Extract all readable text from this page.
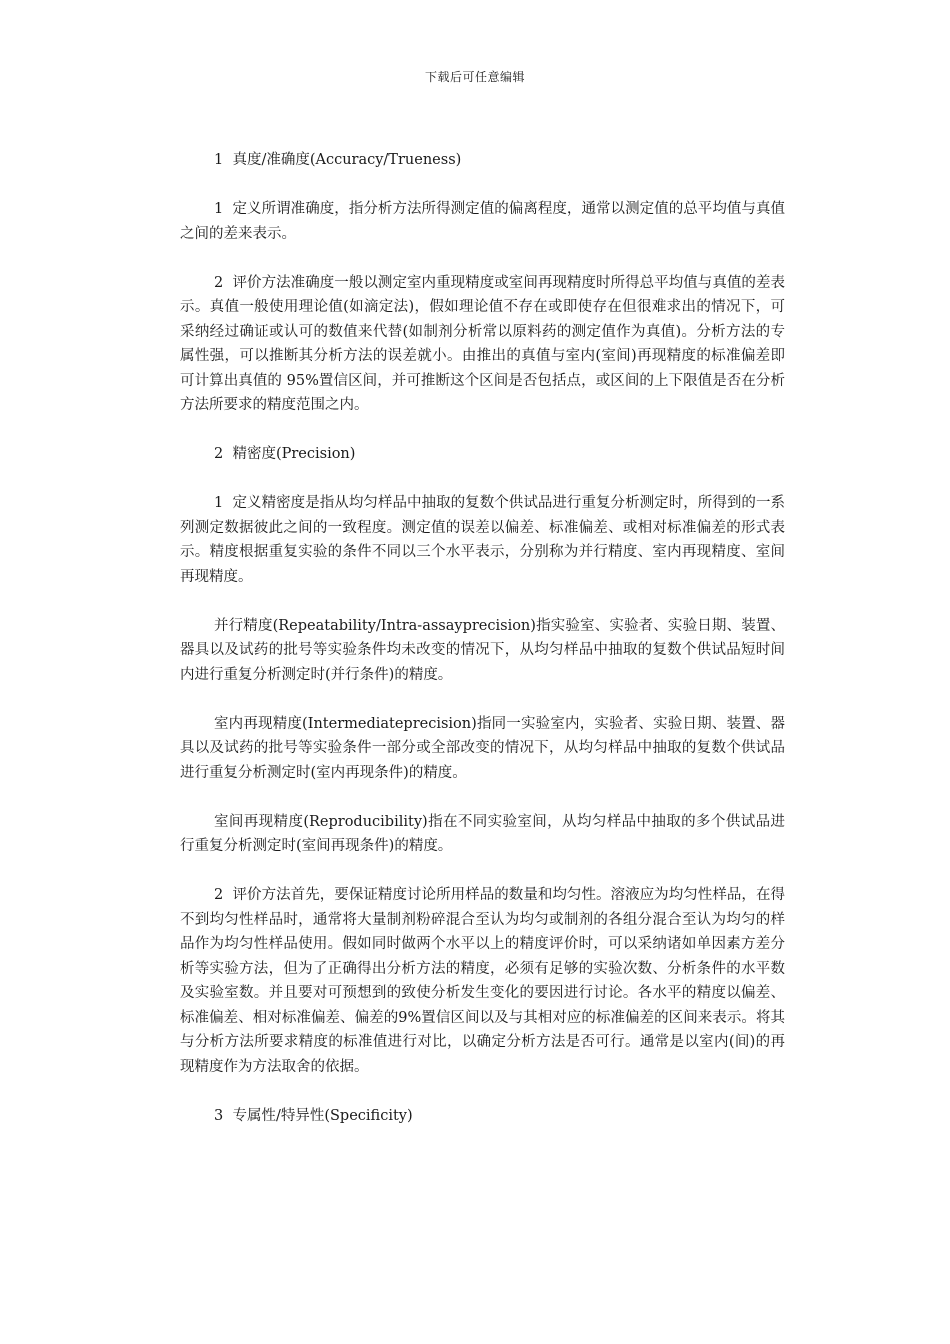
下载后可任意编辑

1  真度/准确度(Accuracy/Trueness)

1  定义所谓准确度，指分析方法所得测定值的偏离程度，通常以测定值的总平均值与真值之间的差来表示。

2  评价方法准确度一般以测定室内重现精度或室间再现精度时所得总平均值与真值的差表示。真值一般使用理论值(如滴定法)，假如理论值不存在或即使存在但很难求出的情况下，可采纳经过确证或认可的数值来代替(如制剂分析常以原料药的测定值作为真值)。分析方法的专属性强，可以推断其分析方法的误差就小。由推出的真值与室内(室间)再现精度的标准偏差即可计算出真值的 95%置信区间，并可推断这个区间是否包括点，或区间的上下限值是否在分析方法所要求的精度范围之内。

2  精密度(Precision)

1  定义精密度是指从均匀样品中抽取的复数个供试品进行重复分析测定时，所得到的一系列测定数据彼此之间的一致程度。测定值的误差以偏差、标准偏差、或相对标准偏差的形式表示。精度根据重复实验的条件不同以三个水平表示，分别称为并行精度、室内再现精度、室间再现精度。

并行精度(Repeatability/Intra-assayprecision)指实验室、实验者、实验日期、装置、器具以及试药的批号等实验条件均未改变的情况下，从均匀样品中抽取的复数个供试品短时间内进行重复分析测定时(并行条件)的精度。

室内再现精度(Intermediateprecision)指同一实验室内，实验者、实验日期、装置、器具以及试药的批号等实验条件一部分或全部改变的情况下，从均匀样品中抽取的复数个供试品进行重复分析测定时(室内再现条件)的精度。

室间再现精度(Reproducibility)指在不同实验室间，从均匀样品中抽取的多个供试品进行重复分析测定时(室间再现条件)的精度。

2  评价方法首先，要保证精度讨论所用样品的数量和均匀性。溶液应为均匀性样品，在得不到均匀性样品时，通常将大量制剂粉碎混合至认为均匀或制剂的各组分混合至认为均匀的样品作为均匀性样品使用。假如同时做两个水平以上的精度评价时，可以采纳诸如单因素方差分析等实验方法，但为了正确得出分析方法的精度，必须有足够的实验次数、分析条件的水平数及实验室数。并且要对可预想到的致使分析发生变化的要因进行讨论。各水平的精度以偏差、标准偏差、相对标准偏差、偏差的9%置信区间以及与其相对应的标准偏差的区间来表示。将其与分析方法所要求精度的标准值进行对比，以确定分析方法是否可行。通常是以室内(间)的再现精度作为方法取舍的依据。

3  专属性/特异性(Specificity)
